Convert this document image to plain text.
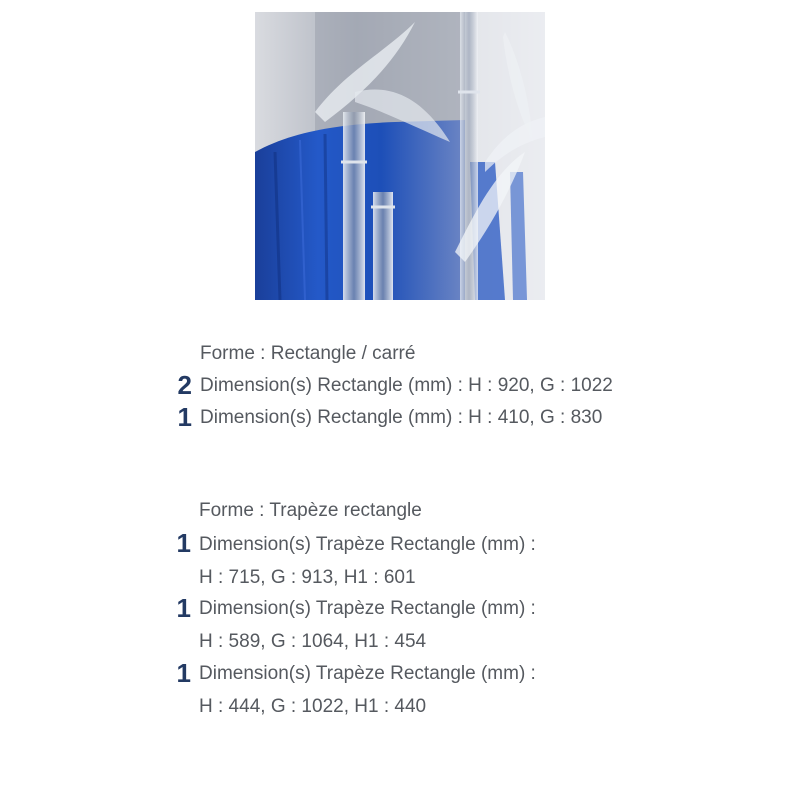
Forme : Rectangle / carré
2 Dimension(s) Rectangle (mm) : H : 920, G : 1022
1 Dimension(s) Rectangle (mm) : H : 410, G : 830
Forme : Trapèze rectangle
1 Dimension(s) Trapèze Rectangle (mm) :
H : 715, G : 913, H1 : 601
1 Dimension(s) Trapèze Rectangle (mm) :
H : 589, G : 1064, H1 : 454
1 Dimension(s) Trapèze Rectangle (mm) :
H : 444, G : 1022, H1 : 440
